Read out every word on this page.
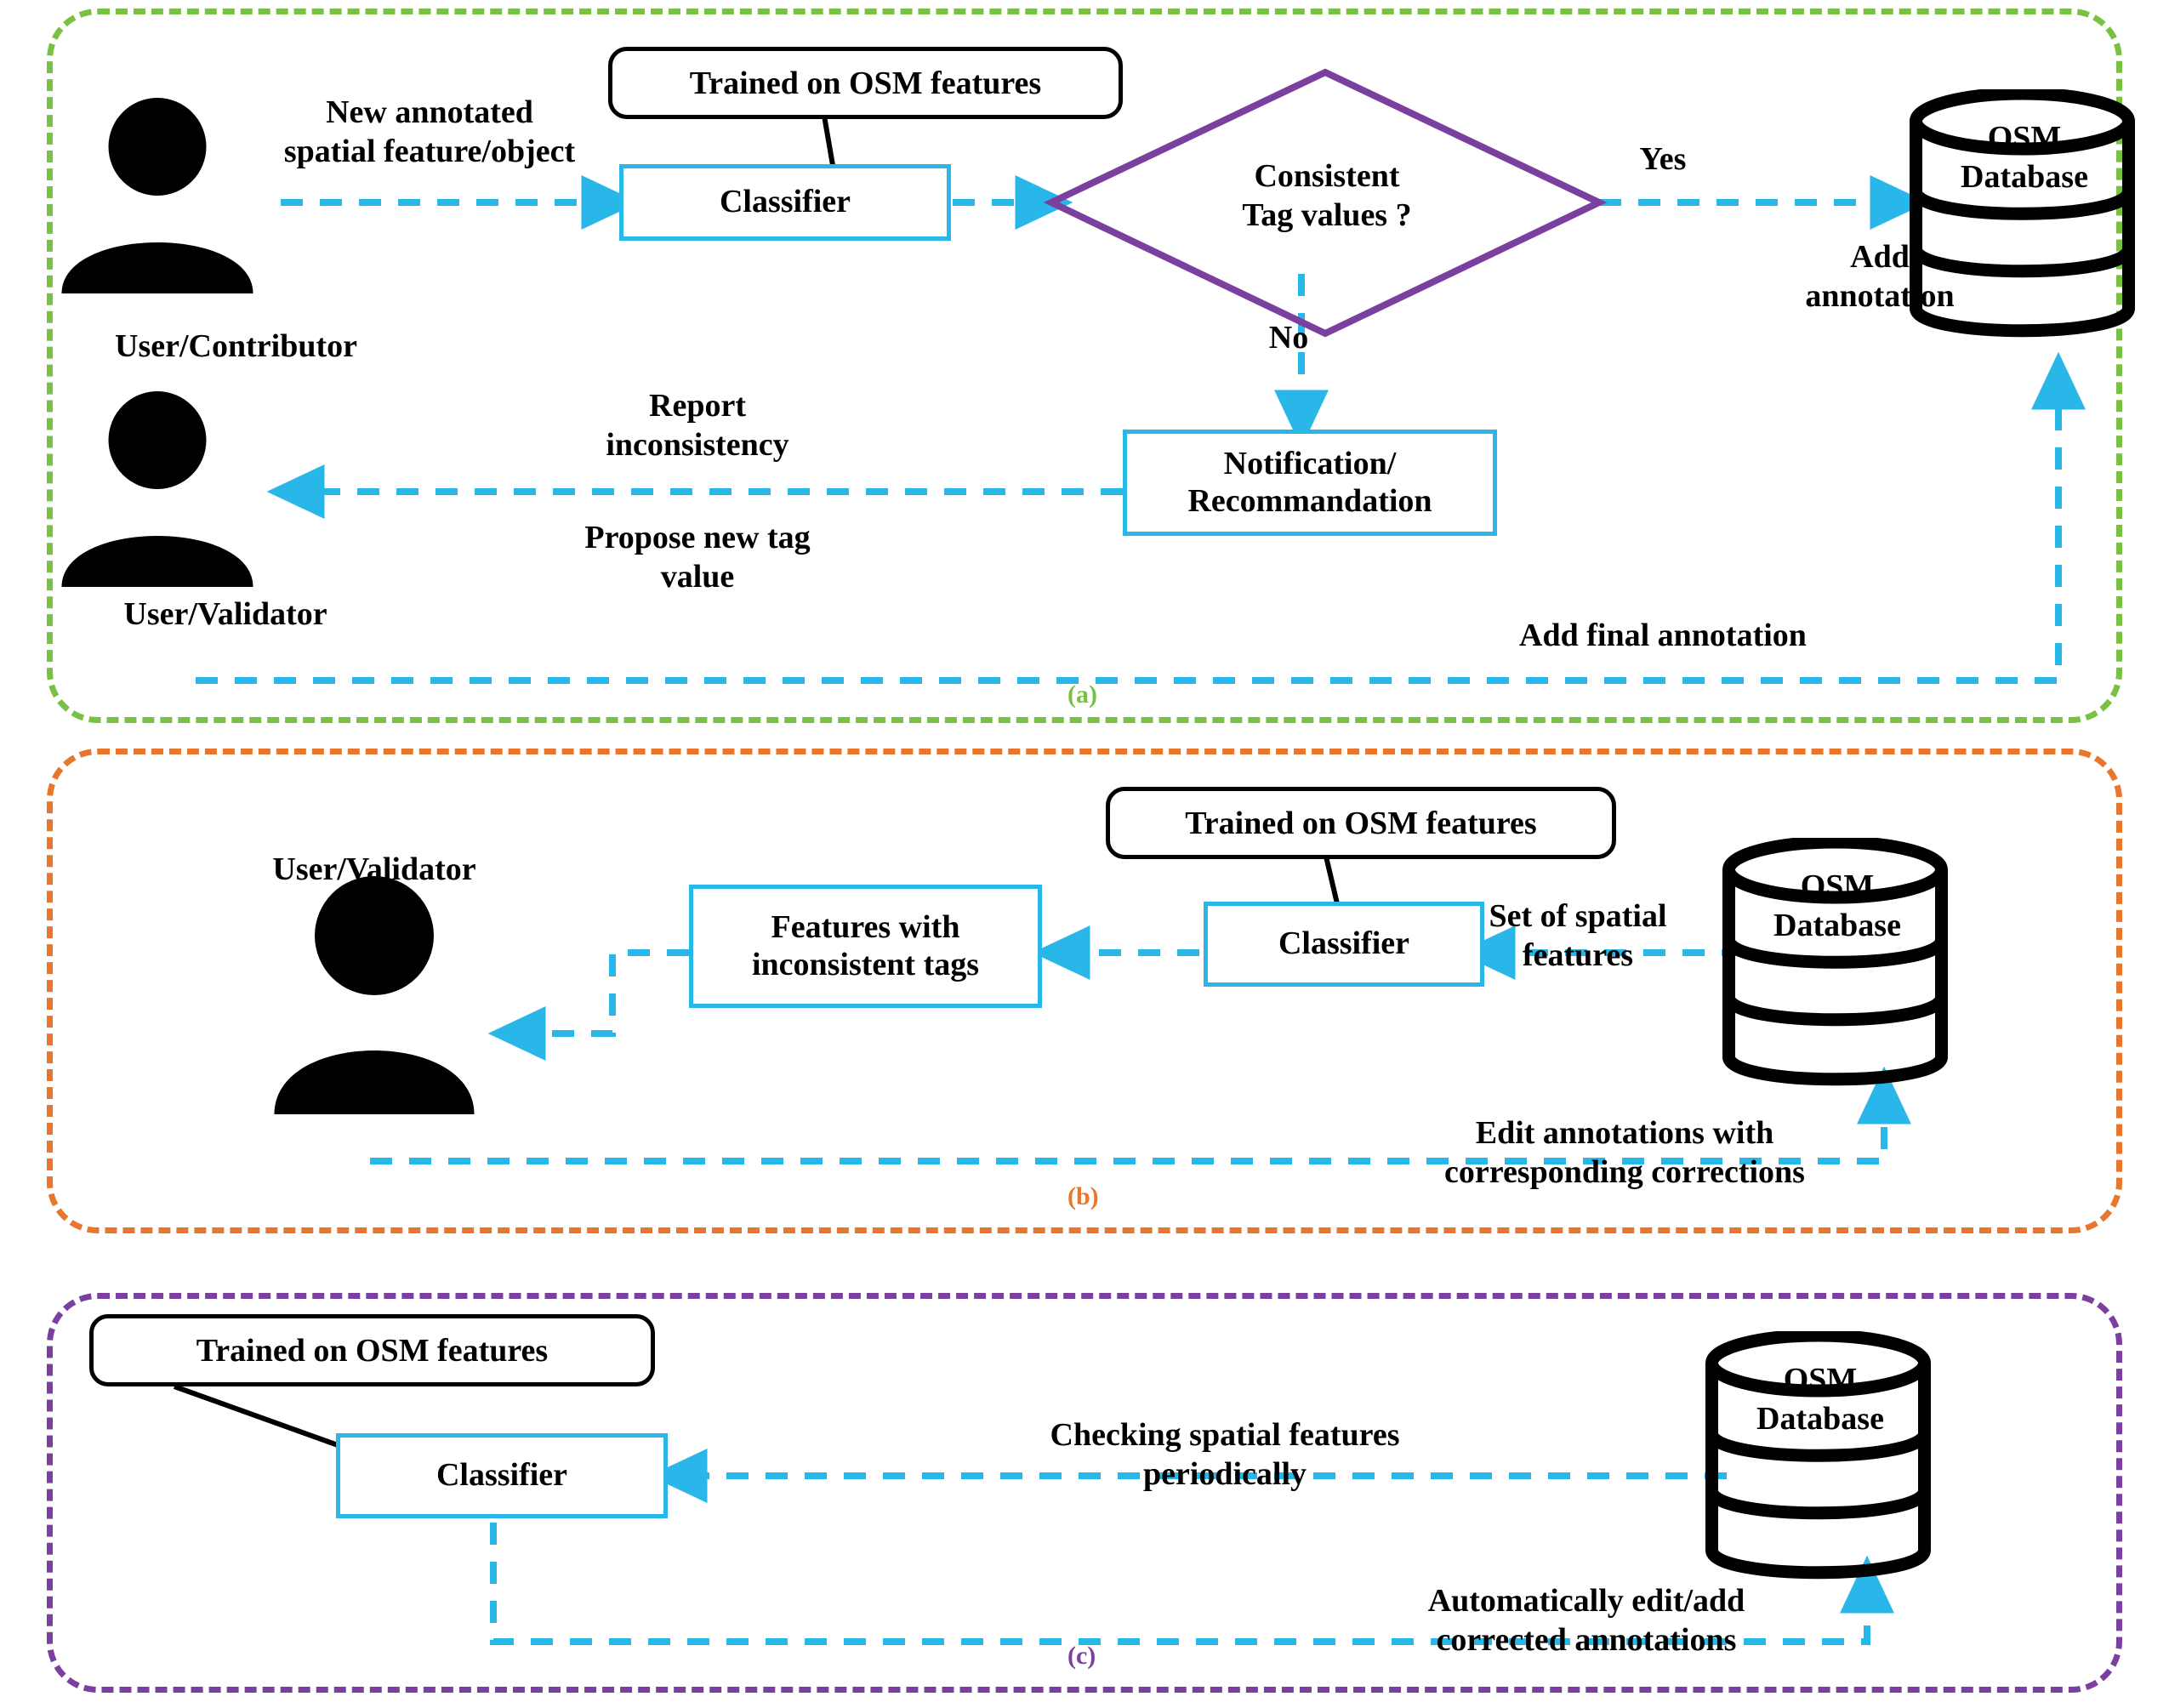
OSM
Database
OSM
Database
OSM
Database
Trained on OSM features
Classifier
Consistent
Tag values ?
Notification/
Recommandation
User/Contributor
User/Validator
New annotated
spatial feature/object	Yes
No
Add
annotation
Report
inconsistency
Propose new tag
value
Add final annotation
(a)
Trained on OSM features
Classifier
Features with
inconsistent tags
User/Validator
Set of spatial
features
Edit annotations with
corresponding corrections
(b)
Trained on OSM features
Classifier
Checking spatial features
periodically
Automatically edit/add
corrected annotations
(c)
